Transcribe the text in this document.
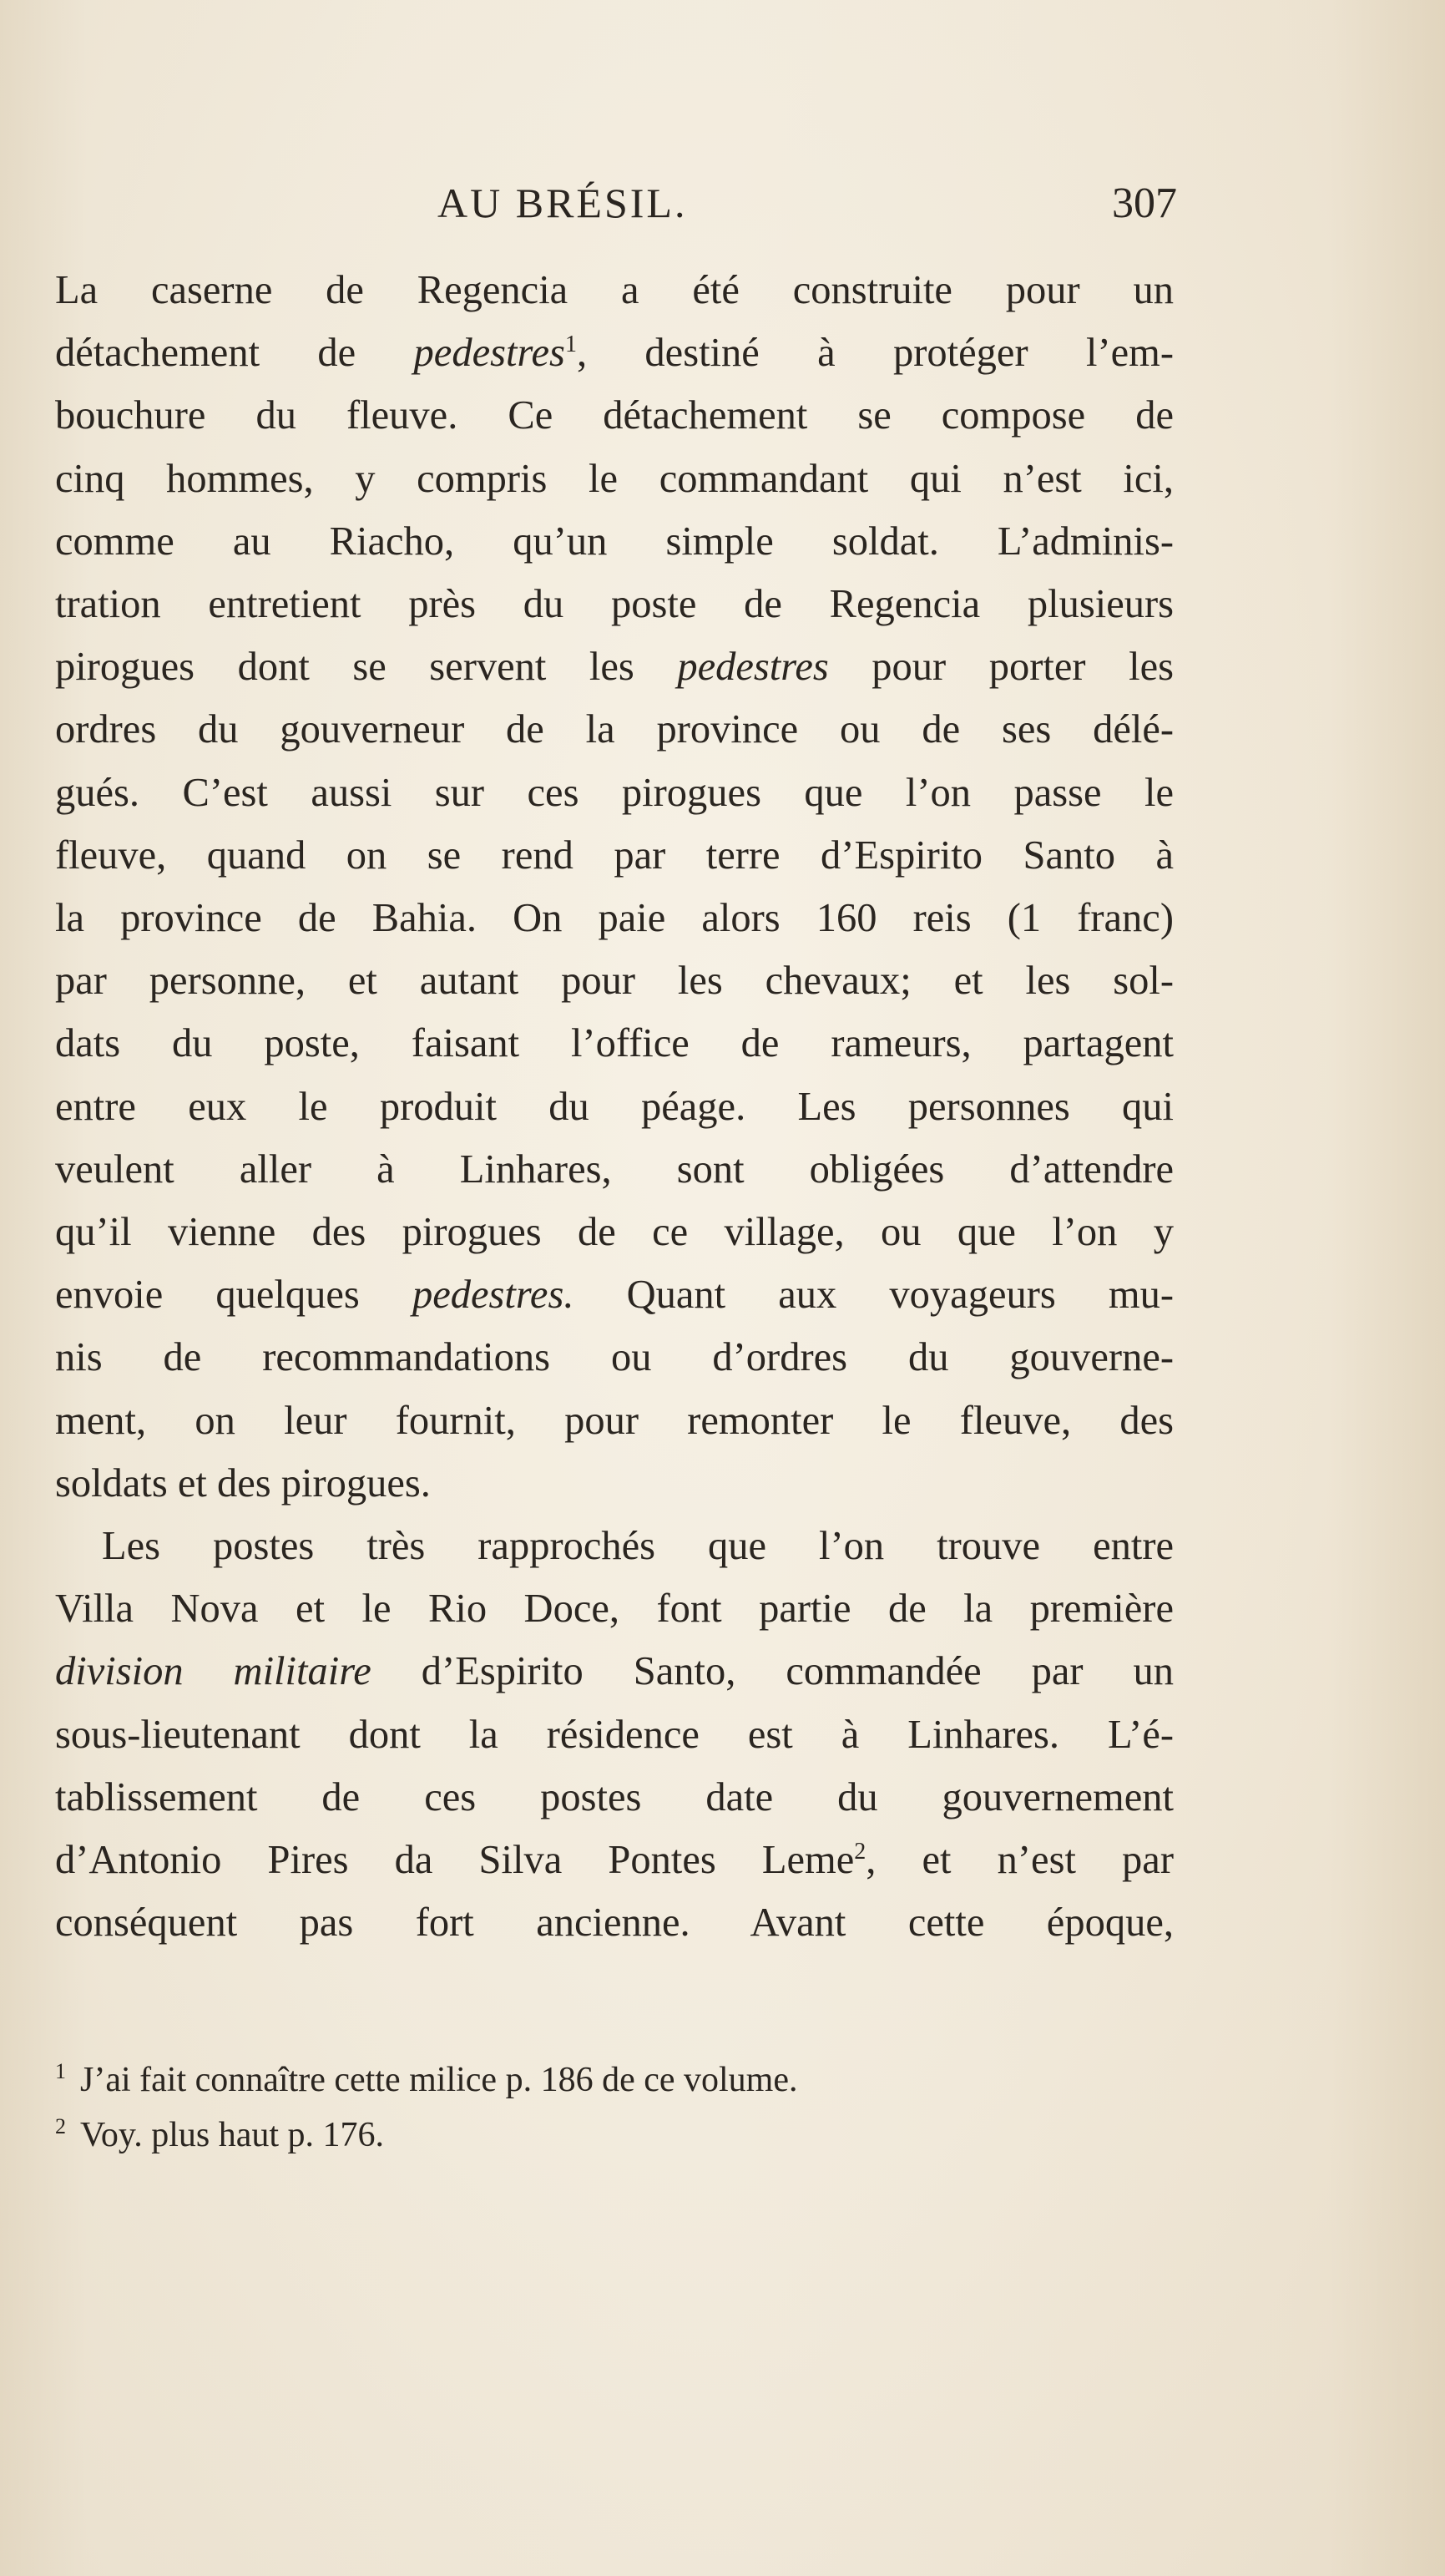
AU BRÉSIL.	307
La caserne de Regencia a été construite pour un
détachement de pedestres$^1$, destiné à protéger l’em-
bouchure du fleuve. Ce détachement se compose de
cinq hommes, y compris le commandant qui n’est ici,
comme au Riacho, qu’un simple soldat. L’adminis-
tration entretient près du poste de Regencia plusieurs
pirogues dont se servent les pedestres pour porter les
ordres du gouverneur de la province ou de ses délé-
gués. C’est aussi sur ces pirogues que l’on passe le
fleuve, quand on se rend par terre d’Espirito Santo à
la province de Bahia. On paie alors 160 reis (1 franc)
par personne, et autant pour les chevaux; et les sol-
dats du poste, faisant l’office de rameurs, partagent
entre eux le produit du péage. Les personnes qui
veulent aller à Linhares, sont obligées d’attendre
qu’il vienne des pirogues de ce village, ou que l’on y
envoie quelques pedestres. Quant aux voyageurs mu-
nis de recommandations ou d’ordres du gouverne-
ment, on leur fournit, pour remonter le fleuve, des
soldats et des pirogues.
Les postes très rapprochés que l’on trouve entre
Villa Nova et le Rio Doce, font partie de la première
division militaire d’Espirito Santo, commandée par un
sous-lieutenant dont la résidence est à Linhares. L’é-
tablissement de ces postes date du gouvernement
d’Antonio Pires da Silva Pontes Leme$^2$, et n’est par
conséquent pas fort ancienne. Avant cette époque,
1 J’ai fait connaître cette milice p. 186 de ce volume.
2 Voy. plus haut p. 176.
